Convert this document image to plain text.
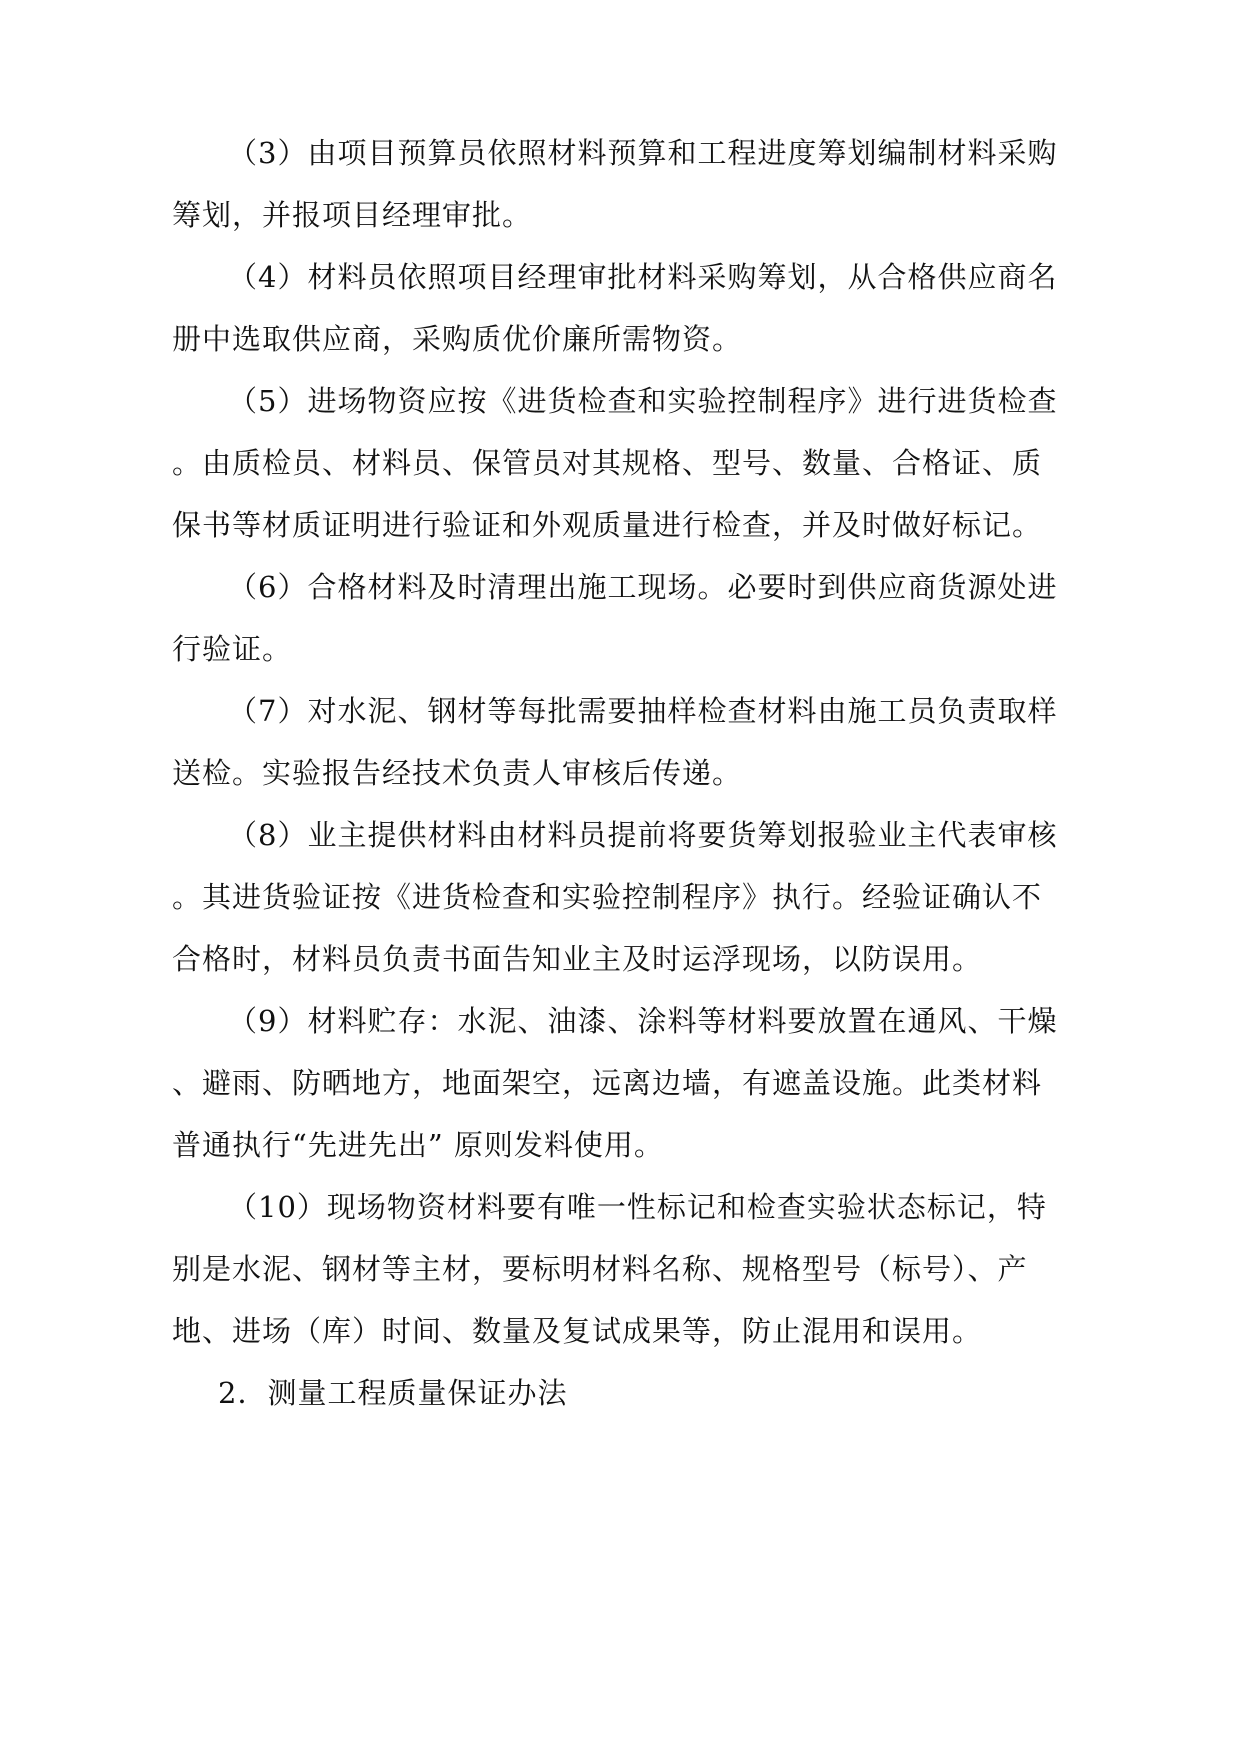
（3）由项目预算员依照材料预算和工程进度筹划编制材料采购
筹划，并报项目经理审批。
（4）材料员依照项目经理审批材料采购筹划，从合格供应商名
册中选取供应商，采购质优价廉所需物资。
（5）进场物资应按《进货检查和实验控制程序》进行进货检查
。由质检员、材料员、保管员对其规格、型号、数量、合格证、质
保书等材质证明进行验证和外观质量进行检查，并及时做好标记。
（6）合格材料及时清理出施工现场。必要时到供应商货源处进
行验证。
（7）对水泥、钢材等每批需要抽样检查材料由施工员负责取样
送检。实验报告经技术负责人审核后传递。
（8）业主提供材料由材料员提前将要货筹划报验业主代表审核
。其进货验证按《进货检查和实验控制程序》执行。经验证确认不
合格时，材料员负责书面告知业主及时运浮现场，以防误用。
（9）材料贮存：水泥、油漆、涂料等材料要放置在通风、干燥
、避雨、防晒地方，地面架空，远离边墙，有遮盖设施。此类材料
普通执行“先进先出” 原则发料使用。
（10）现场物资材料要有唯一性标记和检查实验状态标记，特
别是水泥、钢材等主材，要标明材料名称、规格型号（标号）、产
地、进场（库）时间、数量及复试成果等，防止混用和误用。
2．测量工程质量保证办法
